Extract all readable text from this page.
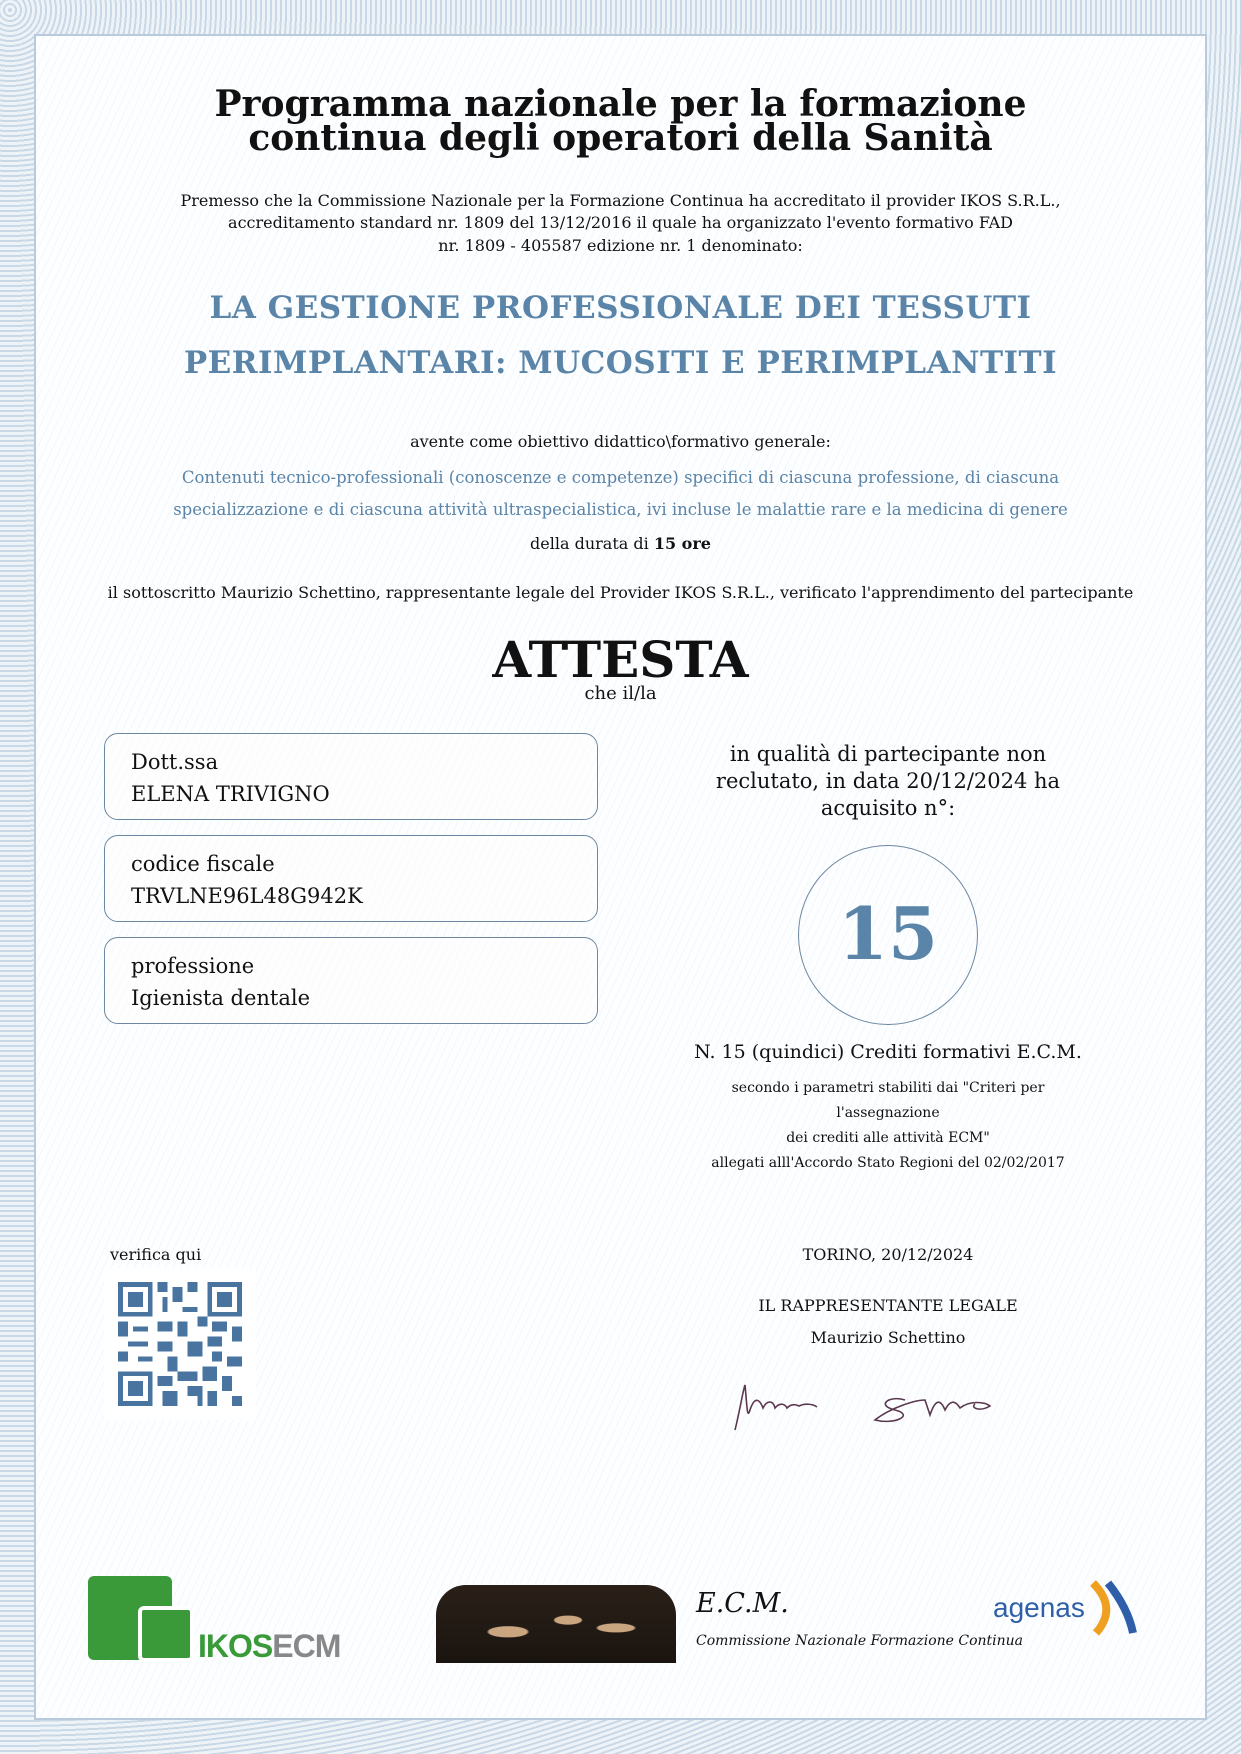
Programma nazionale per la formazione
continua degli operatori della Sanità
Premesso che la Commissione Nazionale per la Formazione Continua ha accreditato il provider IKOS S.R.L.,
accreditamento standard nr. 1809 del 13/12/2016 il quale ha organizzato l'evento formativo FAD
nr. 1809 - 405587 edizione nr. 1 denominato:
LA GESTIONE PROFESSIONALE DEI TESSUTI
PERIMPLANTARI: MUCOSITI E PERIMPLANTITI
avente come obiettivo didattico\formativo generale:
Contenuti tecnico-professionali (conoscenze e competenze) specifici di ciascuna professione, di ciascuna
specializzazione e di ciascuna attività ultraspecialistica, ivi incluse le malattie rare e la medicina di genere
della durata di 15 ore
il sottoscritto Maurizio Schettino, rappresentante legale del Provider IKOS S.R.L., verificato l'apprendimento del partecipante
ATTESTA
che il/la
Dott.ssa
ELENA TRIVIGNO
codice fiscale
TRVLNE96L48G942K
professione
Igienista dentale
in qualità di partecipante non
reclutato, in data 20/12/2024 ha
acquisito n°:
15
N. 15 (quindici) Crediti formativi E.C.M.
secondo i parametri stabiliti dai "Criteri per
l'assegnazione
dei crediti alle attività ECM"
allegati alll'Accordo Stato Regioni del 02/02/2017
verifica qui	TORINO, 20/12/2024
IL RAPPRESENTANTE LEGALE
Maurizio Schettino
IKOSECM
E.C.M.
Commissione Nazionale Formazione Continua
agenas
